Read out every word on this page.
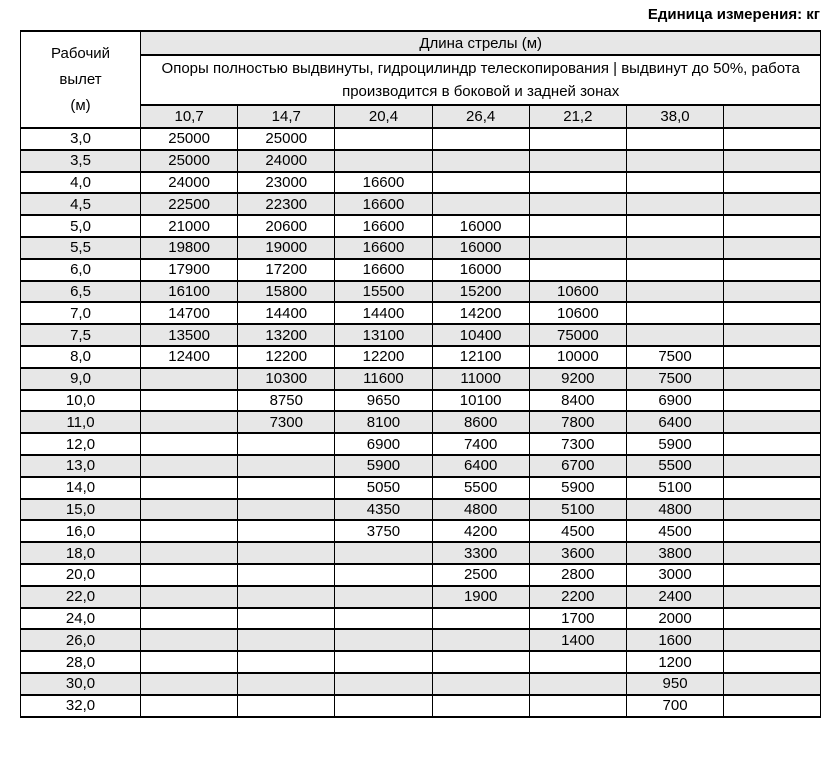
Единица измерения: кг
Рабочий
вылет
(м)	Длина стрелы (м)						
	Опоры полностью выдвинуты, гидроцилиндр телескопирования | выдвинут до 50%, работа производится в боковой и задней зонах						
	10,7	14,7	20,4	26,4	21,2	38,0	
3,0	25000	25000					
3,5	25000	24000					
4,0	24000	23000	16600				
4,5	22500	22300	16600				
5,0	21000	20600	16600	16000			
5,5	19800	19000	16600	16000			
6,0	17900	17200	16600	16000			
6,5	16100	15800	15500	15200	10600		
7,0	14700	14400	14400	14200	10600		
7,5	13500	13200	13100	10400	75000		
8,0	12400	12200	12200	12100	10000	7500	
9,0		10300	11600	11000	9200	7500	
10,0		8750	9650	10100	8400	6900	
11,0		7300	8100	8600	7800	6400	
12,0			6900	7400	7300	5900	
13,0			5900	6400	6700	5500	
14,0			5050	5500	5900	5100	
15,0			4350	4800	5100	4800	
16,0			3750	4200	4500	4500	
18,0				3300	3600	3800	
20,0				2500	2800	3000	
22,0				1900	2200	2400	
24,0					1700	2000	
26,0					1400	1600	
28,0						1200	
30,0						950	
32,0						700	
